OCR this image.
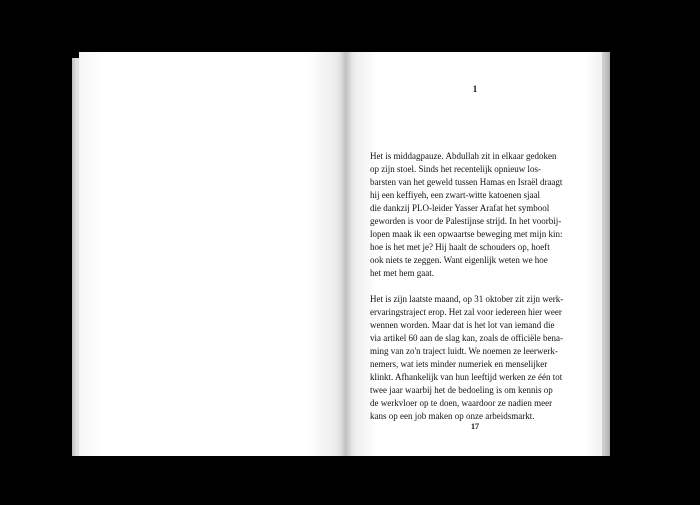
1

Het is middagpauze. Abdullah zit in elkaar gedoken
op zijn stoel. Sinds het recentelijk opnieuw los-
barsten van het geweld tussen Hamas en Israël draagt
hij een keffiyeh, een zwart-witte katoenen sjaal
die dankzij PLO-leider Yasser Arafat het symbool
geworden is voor de Palestijnse strijd. In het voorbij-
lopen maak ik een opwaartse beweging met mijn kin:
hoe is het met je? Hij haalt de schouders op, hoeft
ook niets te zeggen. Want eigenlijk weten we hoe
het met hem gaat.

Het is zijn laatste maand, op 31 oktober zit zijn werk-
ervaringstraject erop. Het zal voor iedereen hier weer
wennen worden. Maar dat is het lot van iemand die
via artikel 60 aan de slag kan, zoals de officiële bena-
ming van zo'n traject luidt. We noemen ze leerwerk-
nemers, wat iets minder numeriek en menselijker
klinkt. Afhankelijk van hun leeftijd werken ze één tot
twee jaar waarbij het de bedoeling is om kennis op
de werkvloer op te doen, waardoor ze nadien meer
kans op een job maken op onze arbeidsmarkt.

17
